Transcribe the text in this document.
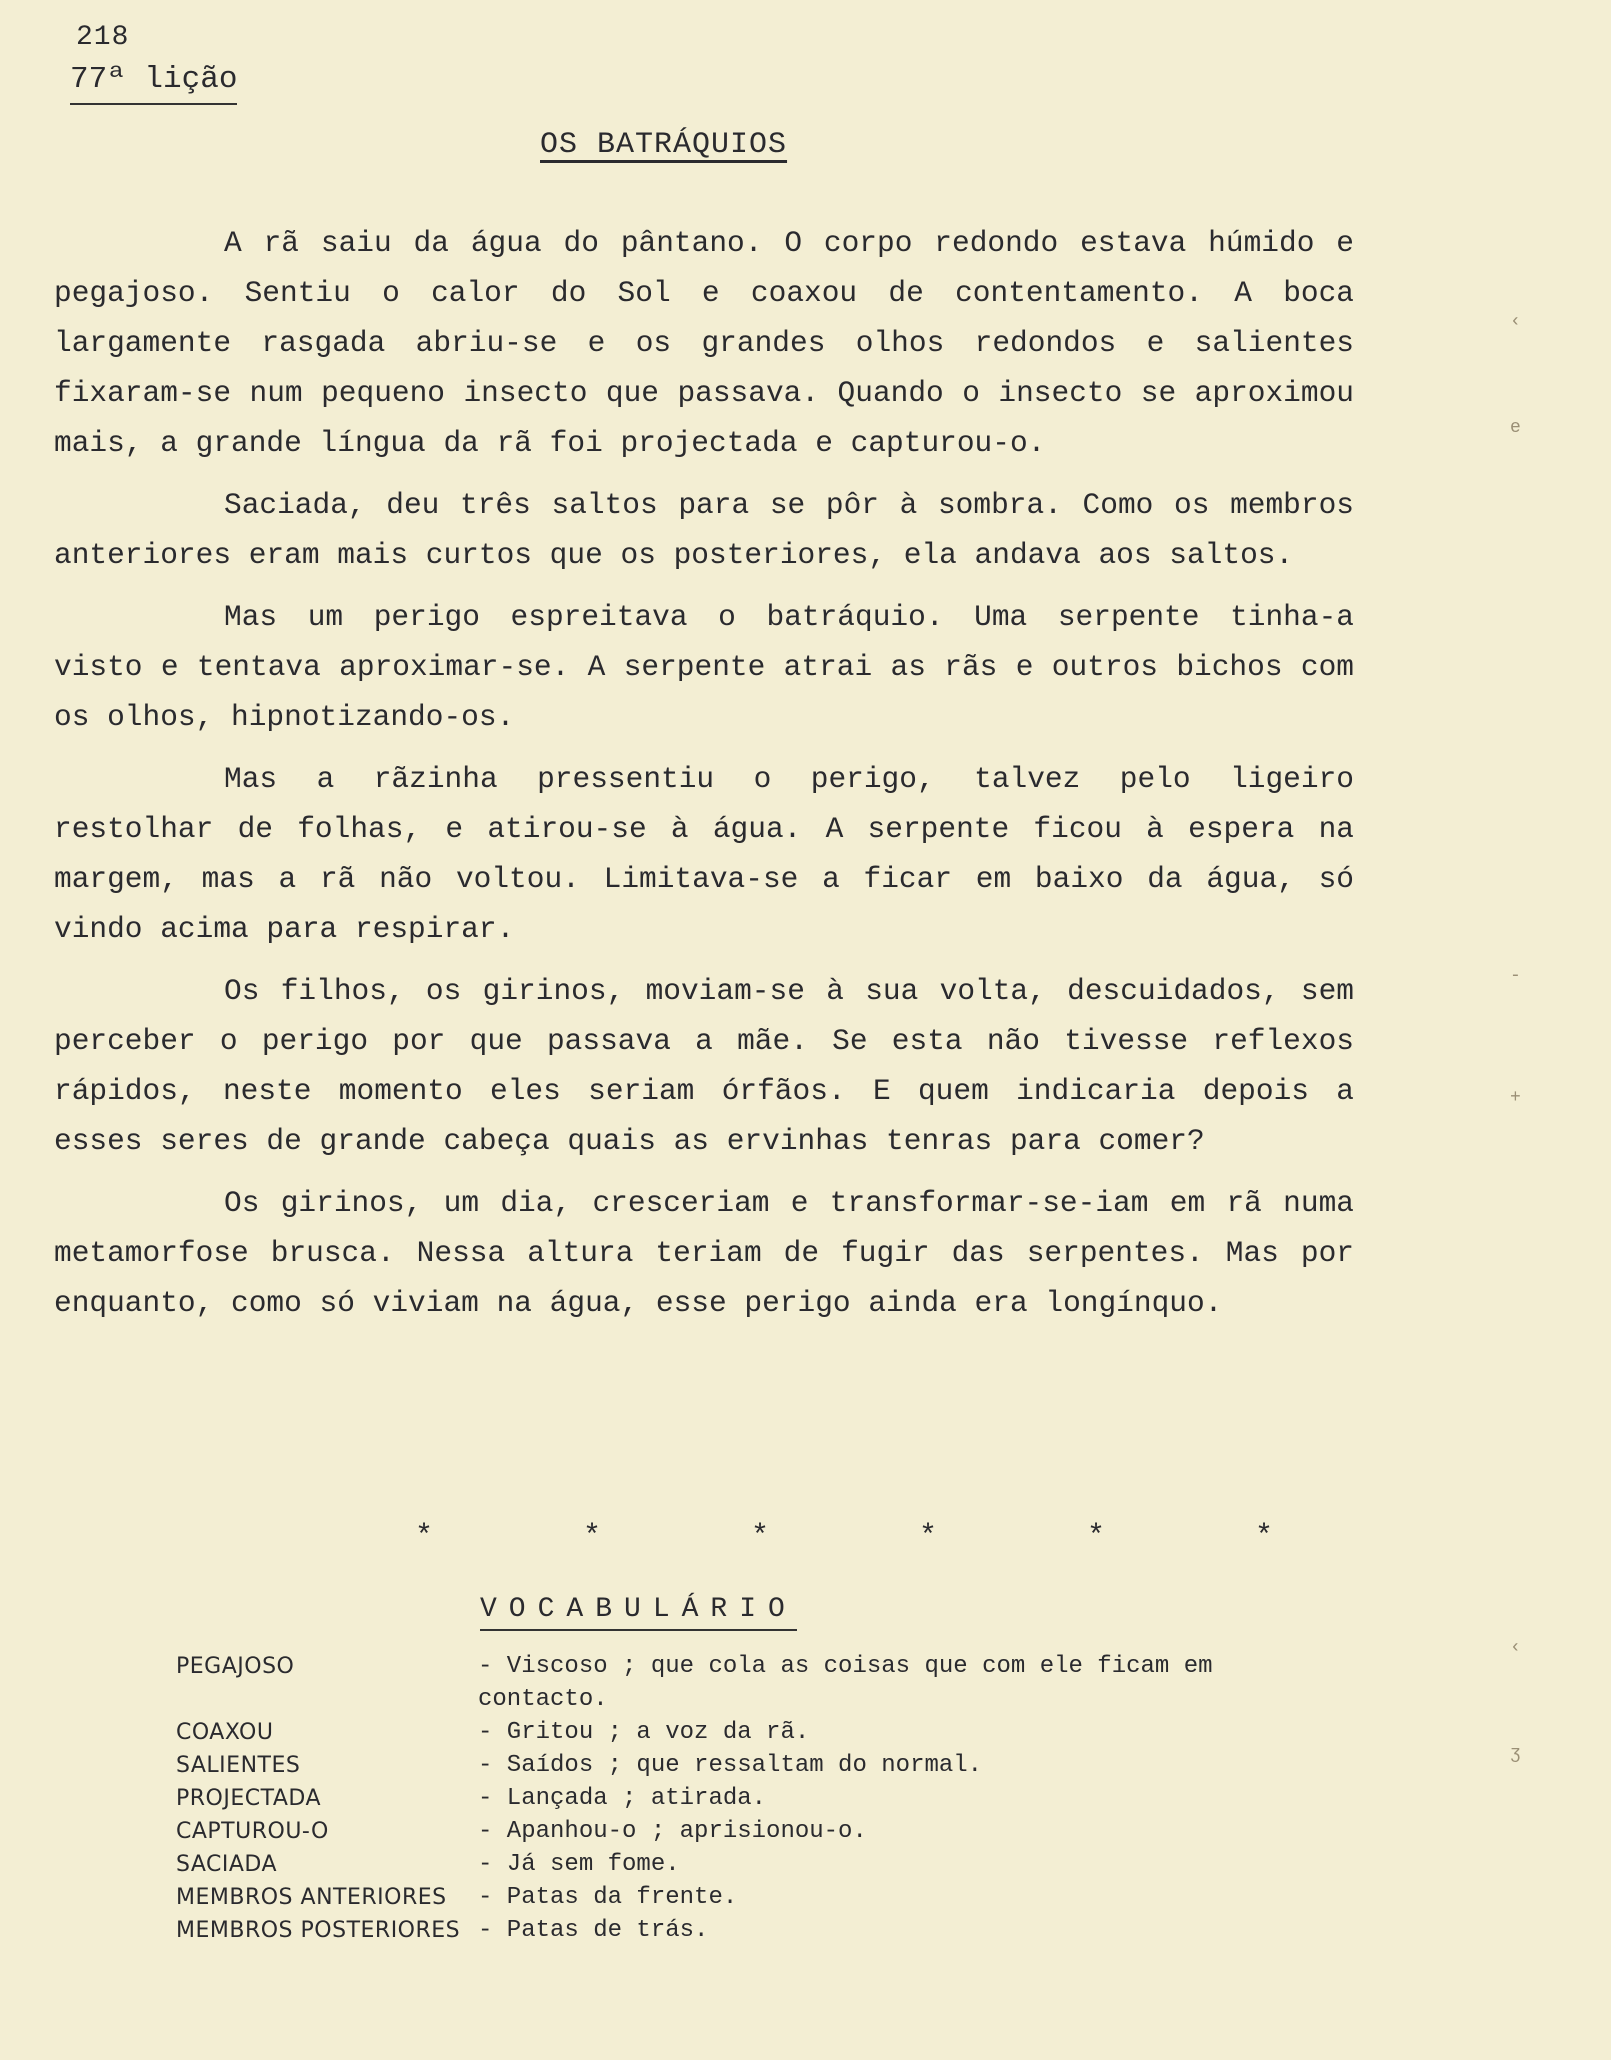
218
77ª lição
OS BATRÁQUIOS

A rã saiu da água do pântano. O corpo redondo estava húmido e pegajoso. Sentiu o calor do Sol e coaxou de contentamento. A boca largamente rasgada abriu-se e os grandes olhos redondos e salientes fixaram-se num pequeno insecto que passava. Quando o insecto se aproximou mais, a grande língua da rã foi projectada e capturou-o.

Saciada, deu três saltos para se pôr à sombra. Como os membros anteriores eram mais curtos que os posteriores, ela andava aos saltos.

Mas um perigo espreitava o batráquio. Uma serpente tinha-a visto e tentava aproximar-se. A serpente atrai as rãs e outros bichos com os olhos, hipnotizando-os.

Mas a rãzinha pressentiu o perigo, talvez pelo ligeiro restolhar de folhas, e atirou-se à água. A serpente ficou à espera na margem, mas a rã não voltou. Limitava-se a ficar em baixo da água, só vindo acima para respirar.

Os filhos, os girinos, moviam-se à sua volta, descuidados, sem perceber o perigo por que passava a mãe. Se esta não tivesse reflexos rápidos, neste momento eles seriam órfãos. E quem indicaria depois a esses seres de grande cabeça quais as ervinhas tenras para comer?

Os girinos, um dia, cresceriam e transformar-se-iam em rã numa metamorfose brusca. Nessa altura teriam de fugir das serpentes. Mas por enquanto, como só viviam na água, esse perigo ainda era longínquo.

* * * * * *
VOCABULÁRIO
PEGAJOSO	- Viscoso ; que cola as coisas que com ele ficam em contacto.
COAXOU	- Gritou ; a voz da rã.
SALIENTES	- Saídos ; que ressaltam do normal.
PROJECTADA	- Lançada ; atirada.
CAPTUROU-O	- Apanhou-o ; aprisionou-o.
SACIADA	- Já sem fome.
MEMBROS ANTERIORES	- Patas da frente.
MEMBROS POSTERIORES - Patas de trás.
‹
e
-
+
‹
ʒ
